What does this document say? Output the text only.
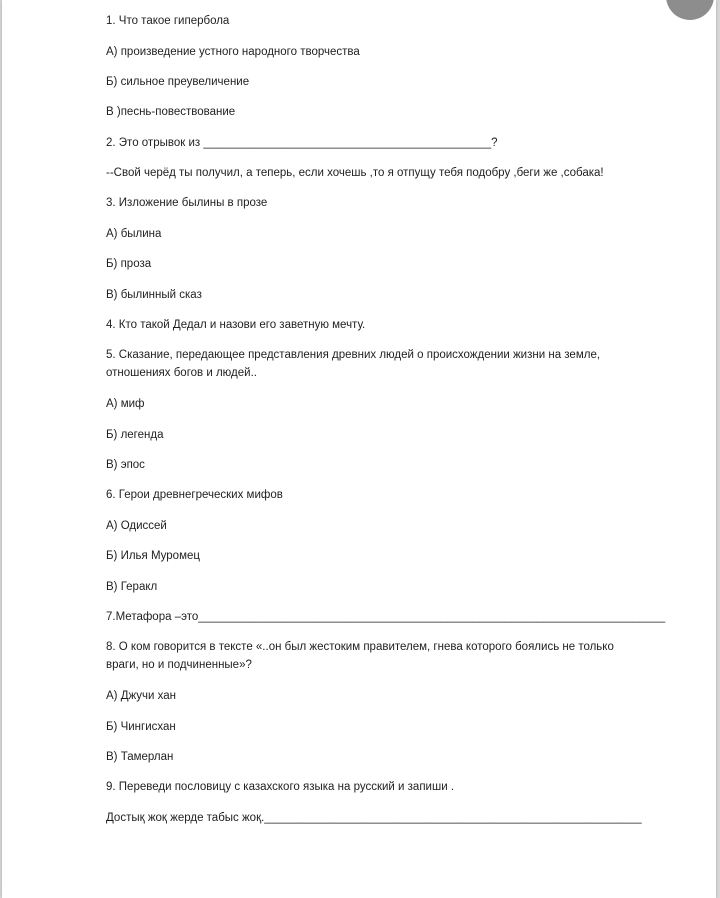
1. Что такое гипербола
А) произведение устного народного творчества
Б) сильное преувеличение
В )песнь-повествование
2. Это отрывок из _____________________________________________?
--Свой черёд ты получил, а теперь, если хочешь ,то я отпущу тебя подобру ,беги же ,собака!
3. Изложение былины в прозе
А) былина
Б) проза
В) былинный сказ
4. Кто такой Дедал и назови его заветную мечту.
5. Сказание, передающее представления древних людей о происхождении жизни на земле,
отношениях богов и людей..
А) миф
Б) легенда
В) эпос
6. Герои древнегреческих мифов
А) Одиссей
Б) Илья Муромец
В) Геракл
7.Метафора –это_________________________________________________________________________
8. О ком говорится в тексте «..он был жестоким правителем, гнева которого боялись не только
враги, но и подчиненные»?
А) Джучи хан
Б) Чингисхан
В) Тамерлан
9. Переведи пословицу с казахского языка на русский и запиши .
Достық жоқ жерде табыс жоқ.___________________________________________________________
